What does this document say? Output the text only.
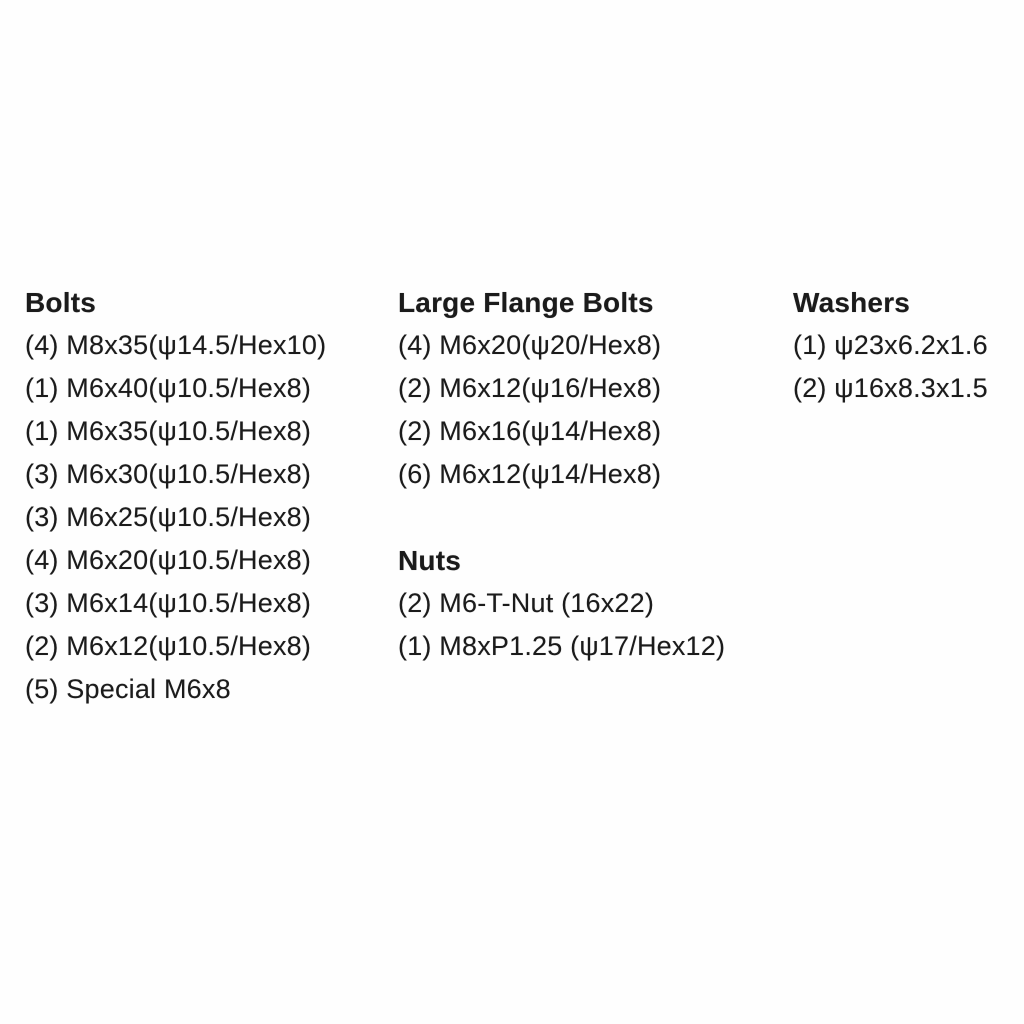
Bolts
(4) M8x35(ψ14.5/Hex10)
(1) M6x40(ψ10.5/Hex8)
(1) M6x35(ψ10.5/Hex8)
(3) M6x30(ψ10.5/Hex8)
(3) M6x25(ψ10.5/Hex8)
(4) M6x20(ψ10.5/Hex8)
(3) M6x14(ψ10.5/Hex8)
(2) M6x12(ψ10.5/Hex8)
(5) Special M6x8
Large Flange Bolts
(4) M6x20(ψ20/Hex8)
(2) M6x12(ψ16/Hex8)
(2) M6x16(ψ14/Hex8)
(6) M6x12(ψ14/Hex8)
Nuts
(2) M6-T-Nut (16x22)
(1) M8xP1.25 (ψ17/Hex12)
Washers
(1) ψ23x6.2x1.6
(2) ψ16x8.3x1.5
